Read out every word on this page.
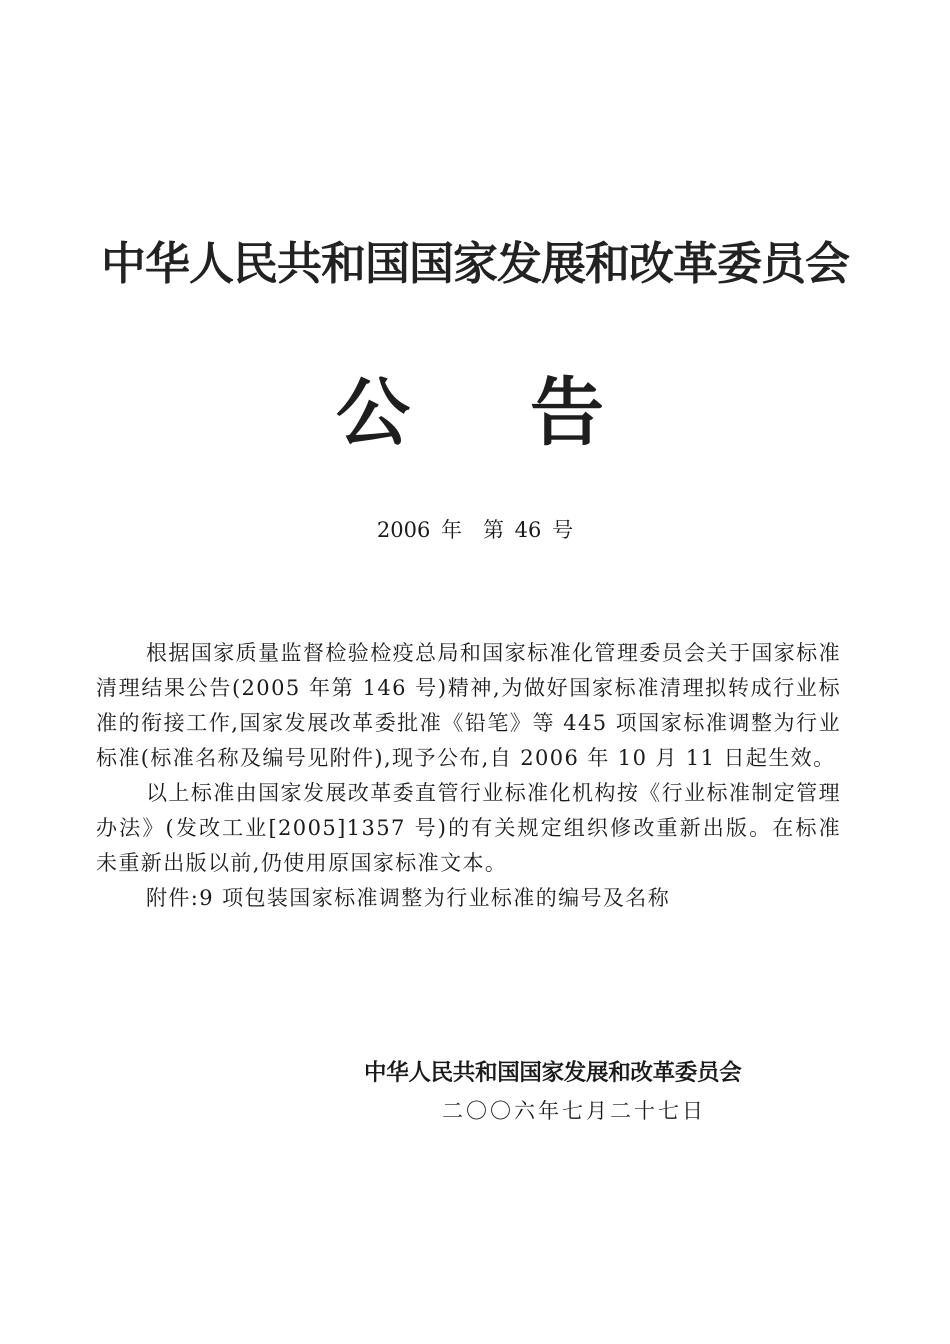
中华人民共和国国家发展和改革委员会
公告
2006 年　第 46 号

根据国家质量监督检验检疫总局和国家标准化管理委员会关于国家标准清理结果公告(2005 年第 146 号)精神,为做好国家标准清理拟转成行业标准的衔接工作,国家发展改革委批准《铅笔》等 445 项国家标准调整为行业标准(标准名称及编号见附件),现予公布,自 2006 年 10 月 11 日起生效。

以上标准由国家发展改革委直管行业标准化机构按《行业标准制定管理办法》(发改工业[2005]1357 号)的有关规定组织修改重新出版。在标准未重新出版以前,仍使用原国家标准文本。

附件:9 项包装国家标准调整为行业标准的编号及名称

中华人民共和国国家发展和改革委员会
二〇〇六年七月二十七日
